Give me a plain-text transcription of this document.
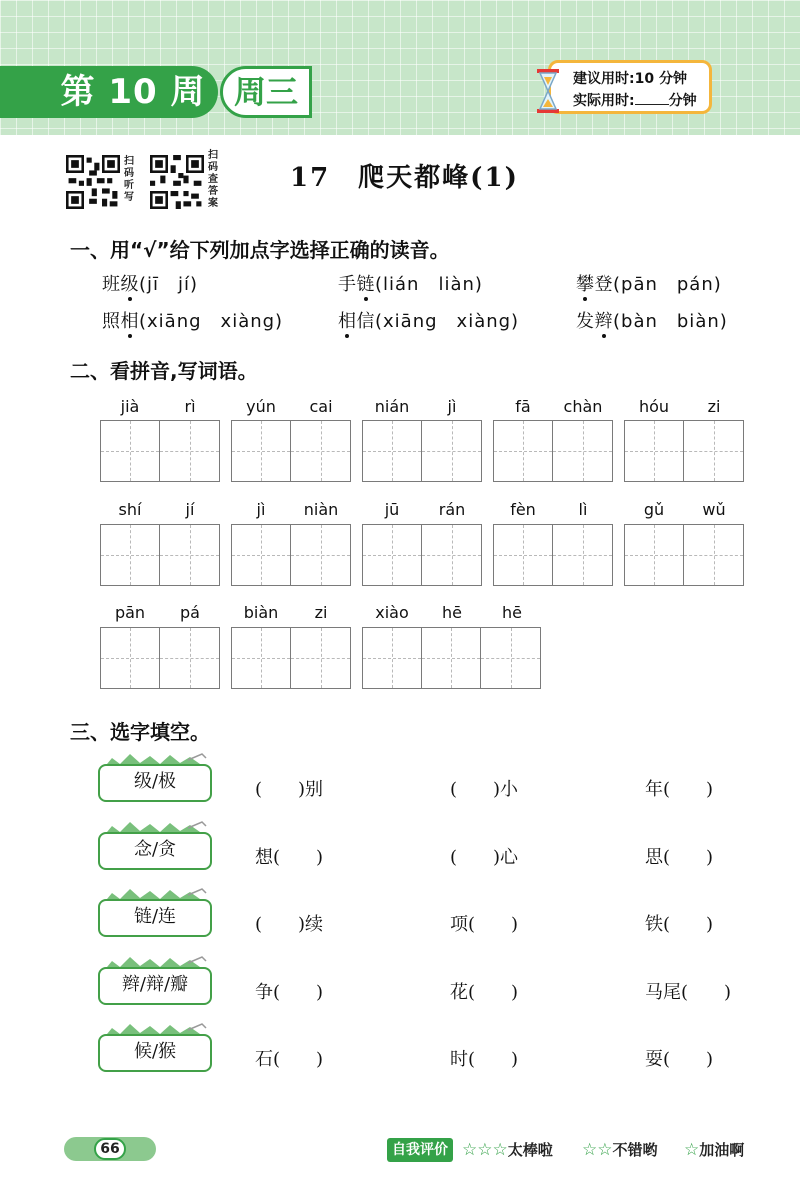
第 10 周 周三	建议用时:10 分钟
实际用时: 分钟
扫
码
听
写
扫
码
查
答
案
17　爬天都峰(1)
一、用“√”给下列加点字选择正确的读音。
班级(jī　jí)	手链(lián　liàn)	攀登(pān　pán)
照相(xiāng　xiàng)	相信(xiāng　xiàng)	发辫(bàn　biàn)
二、看拼音,写词语。
jià	rì	yún	cai	nián	jì	fā	chàn	hóu	zi
shí	jí	jì	niàn	jū	rán	fèn	lì	gǔ	wǔ
pān	pá	biàn	zi	xiào	hē	hē
三、选字填空。
级/极	(　　)别	(　　)小	年(　　)
念/贪	想(　　)	(　　)心	思(　　)
链/连	(　　)续	项(　　)	铁(　　)
辫/辩/瓣	争(　　)	花(　　)	马尾(　　)
候/猴	石(　　)	时(　　)	耍(　　)
66	自我评价 ☆☆☆太棒啦 ☆☆不错哟 ☆加油啊
